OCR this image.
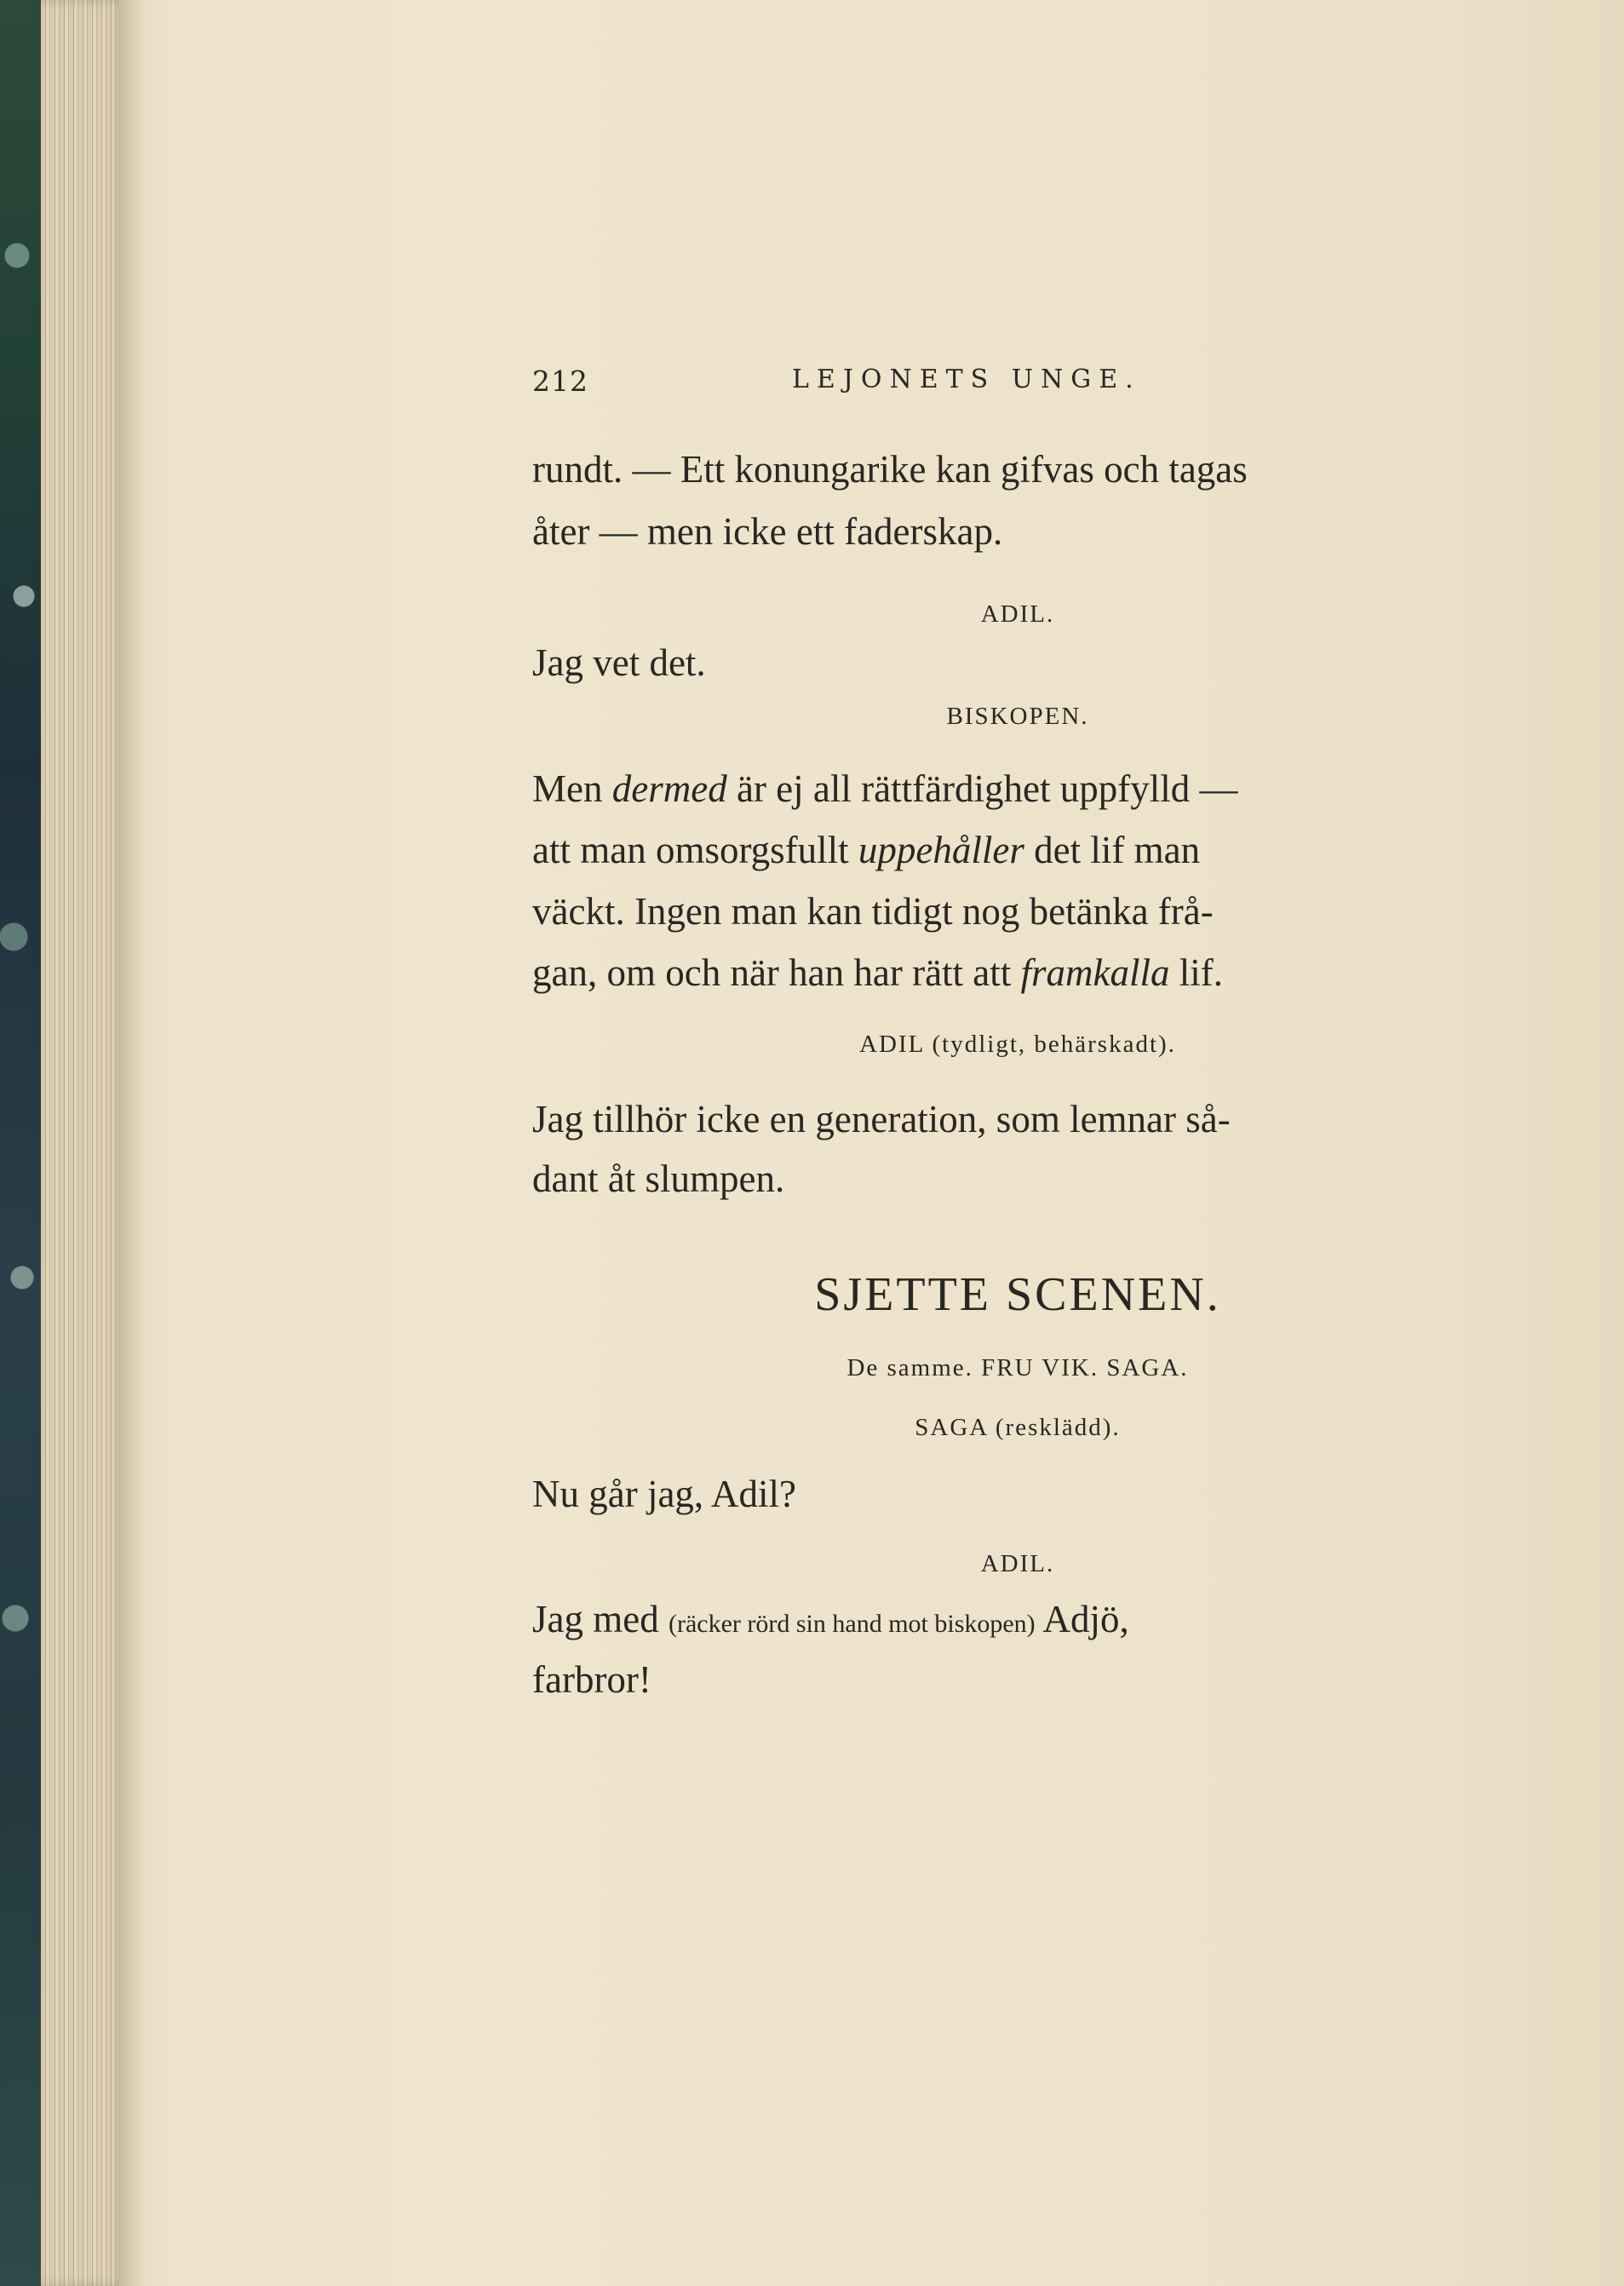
212	LEJONETS UNGE.
rundt. — Ett konungarike kan gifvas och tagas
åter — men icke ett faderskap.
ADIL.
Jag vet det.
BISKOPEN.
Men dermed är ej all rättfärdighet uppfylld —
att man omsorgsfullt uppehåller det lif man
väckt. Ingen man kan tidigt nog betänka frå-
gan, om och när han har rätt att framkalla lif.
ADIL (tydligt, behärskadt).
Jag tillhör icke en generation, som lemnar så-
dant åt slumpen.
SJETTE SCENEN.
De samme. FRU VIK. SAGA.
SAGA (resklädd).
Nu går jag, Adil?
ADIL.
Jag med (räcker rörd sin hand mot biskopen) Adjö,
farbror!
